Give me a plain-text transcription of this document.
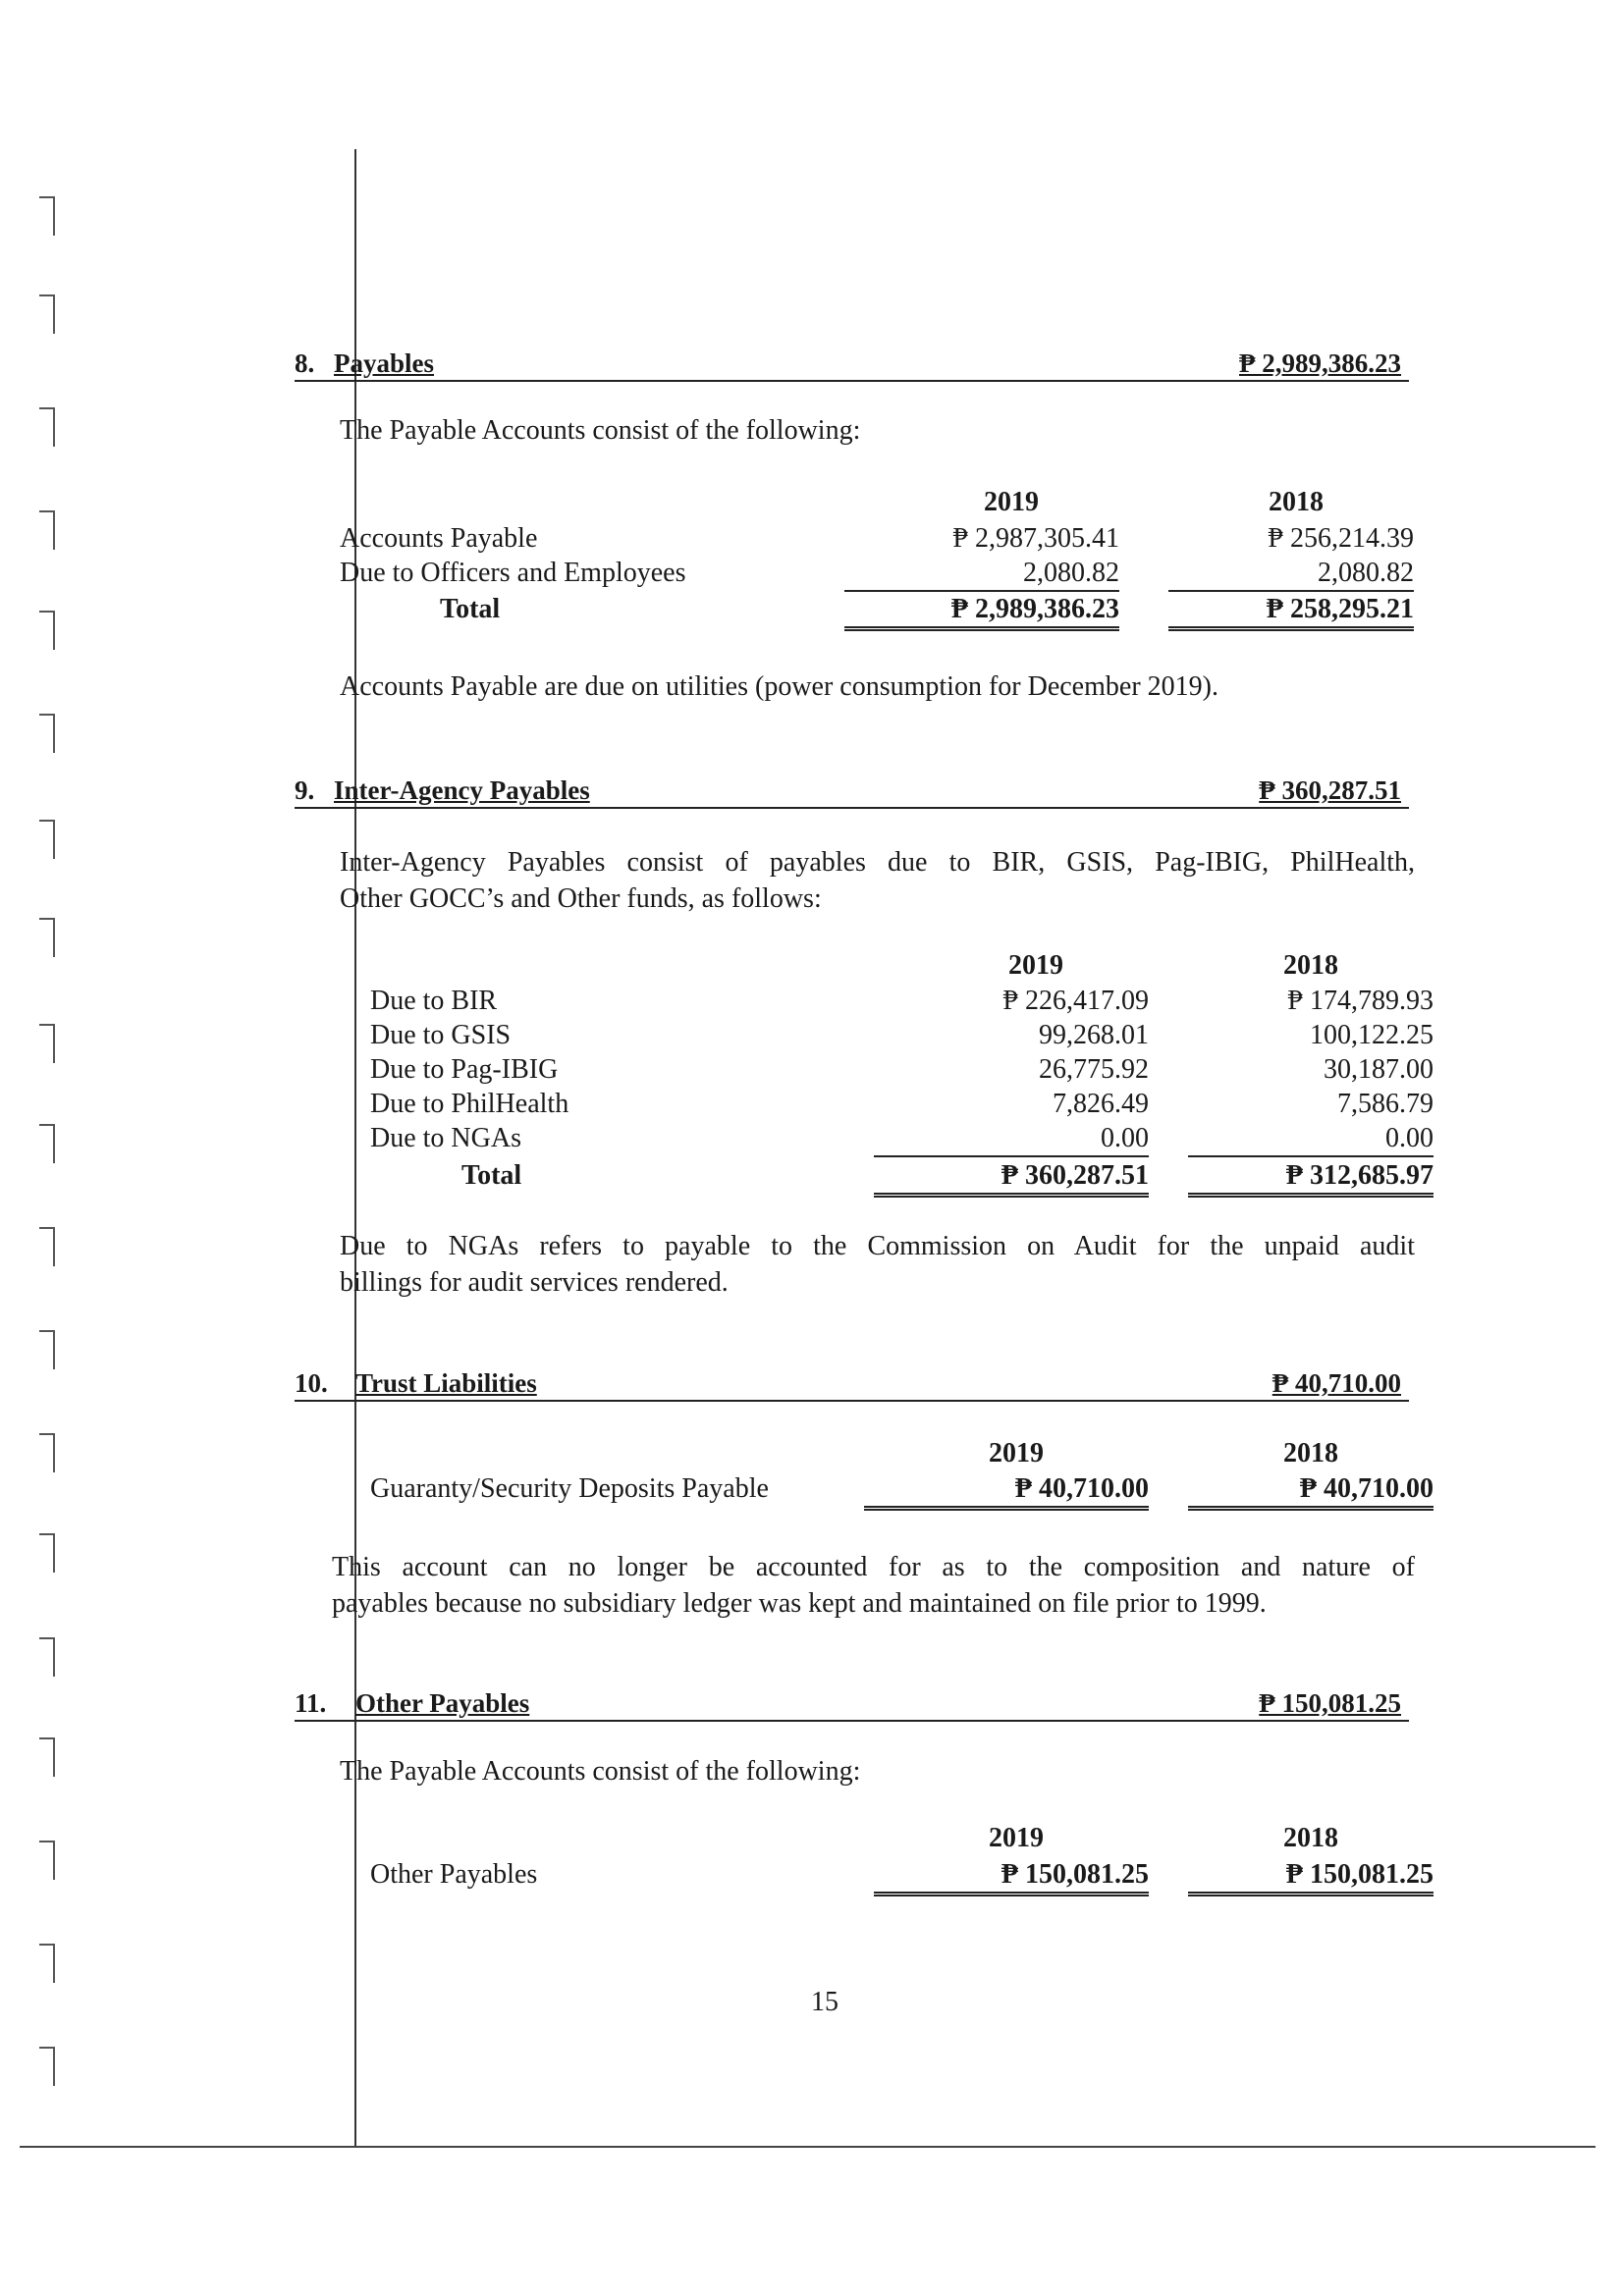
8. Payables	₱ 2,989,386.23
The Payable Accounts consist of the following:
2019	2018
Accounts Payable	₱ 2,987,305.41	₱ 256,214.39
Due to Officers and Employees	2,080.82	2,080.82
Total	₱ 2,989,386.23	₱ 258,295.21
Accounts Payable are due on utilities (power consumption for December 2019).
9. Inter-Agency Payables	₱ 360,287.51
Inter-Agency Payables consist of payables due to BIR, GSIS, Pag-IBIG, PhilHealth,
Other GOCC’s and Other funds, as follows:
2019	2018
Due to BIR	₱ 226,417.09	₱ 174,789.93
Due to GSIS	99,268.01	100,122.25
Due to Pag-IBIG	26,775.92	30,187.00
Due to PhilHealth	7,826.49	7,586.79
Due to NGAs	0.00	0.00
Total	₱ 360,287.51	₱ 312,685.97
Due to NGAs refers to payable to the Commission on Audit for the unpaid audit
billings for audit services rendered.
10. Trust Liabilities	₱ 40,710.00
2019	2018
Guaranty/Security Deposits Payable	₱ 40,710.00	₱ 40,710.00
This account can no longer be accounted for as to the composition and nature of
payables because no subsidiary ledger was kept and maintained on file prior to 1999.
11. Other Payables	₱ 150,081.25
The Payable Accounts consist of the following:
2019	2018
Other Payables	₱ 150,081.25	₱ 150,081.25
15
